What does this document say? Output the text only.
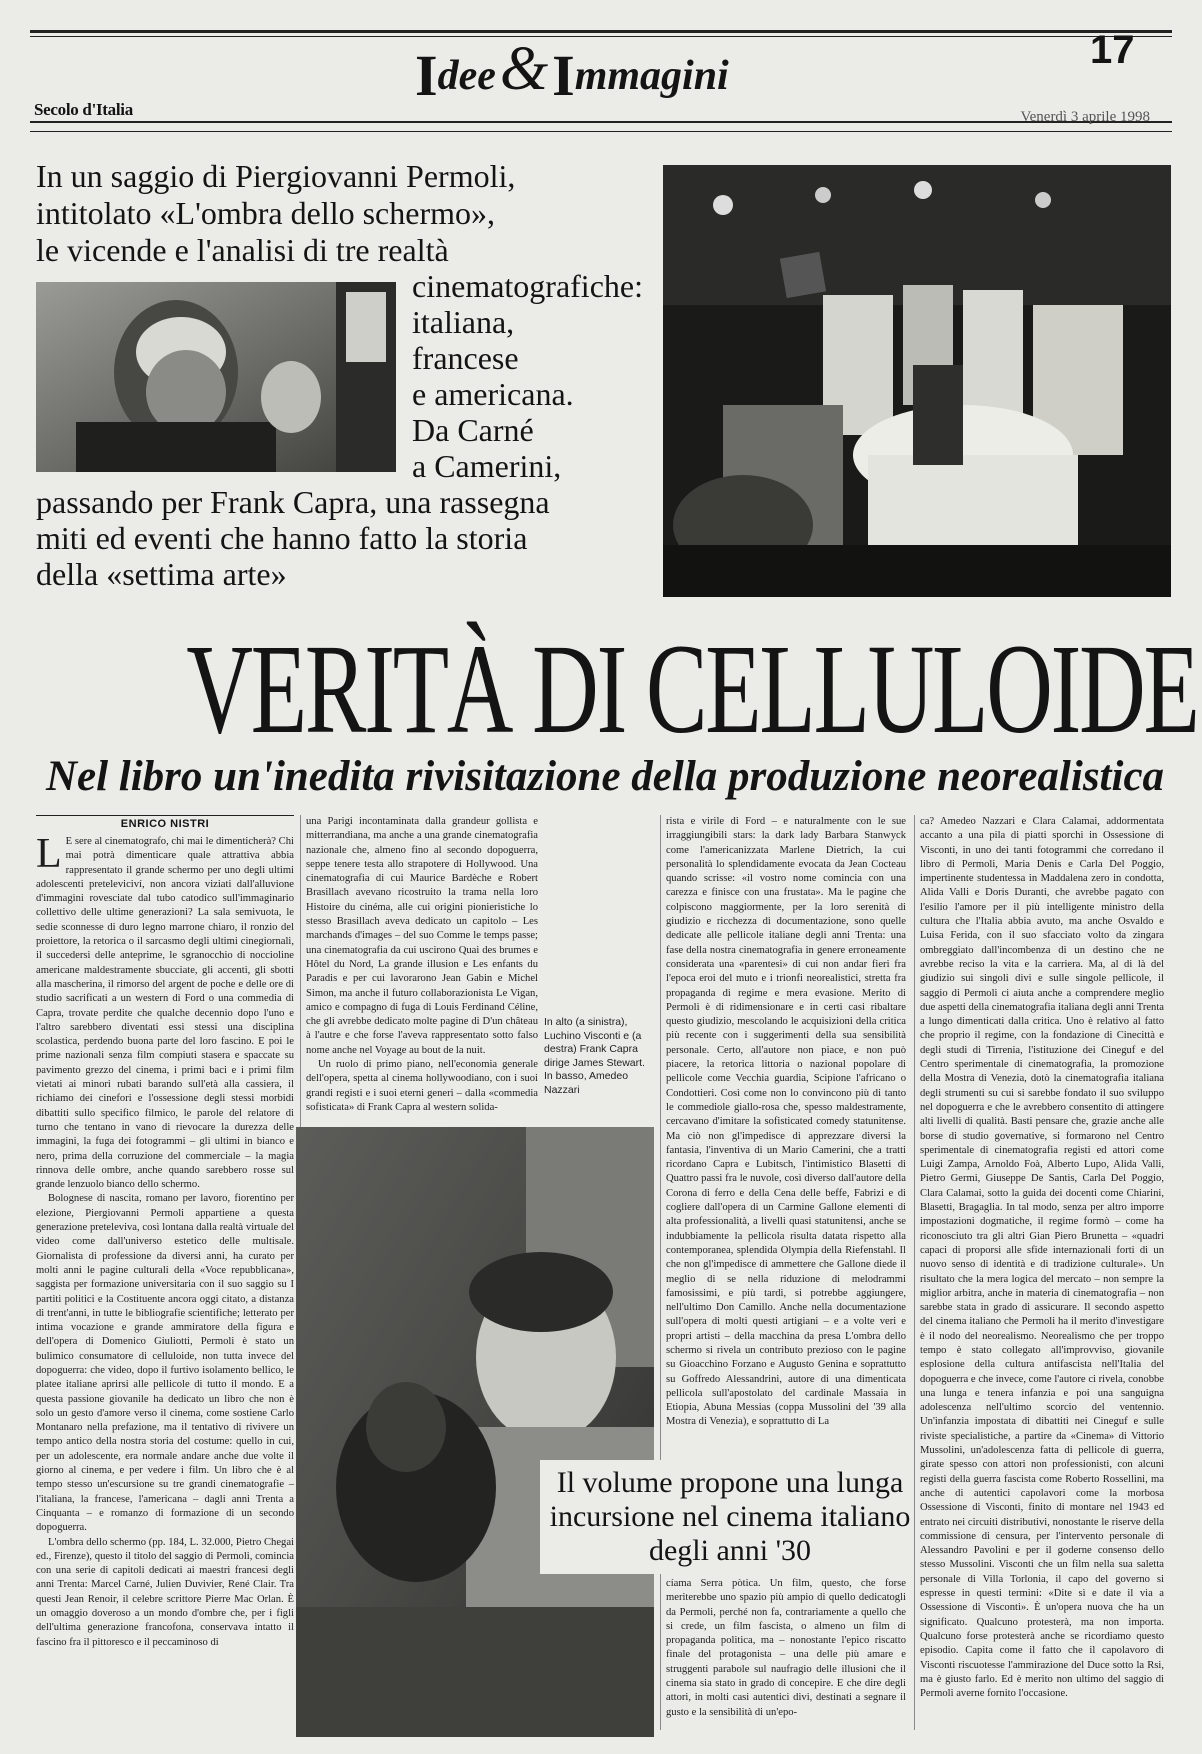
Idee & Immagini
17
Secolo d'Italia	Venerdì 3 aprile 1998
In un saggio di Piergiovanni Permoli,
intitolato «L'ombra dello schermo»,
le vicende e l'analisi di tre realtà
cinematografiche:
italiana,
francese
e americana.
Da Carné
a Camerini,
passando per Frank Capra, una rassegna
miti ed eventi che hanno fatto la storia
della «settima arte»
VERITÀ DI CELLULOIDE
Nel libro un'inedita rivisitazione della produzione neorealistica
ENRICO NISTRI
L E sere al cinematografo, chi mai le dimenticherà? Chi mai potrà dimenticare quale attrattiva abbia rappresentato il grande schermo per uno degli ultimi adolescenti preteleviciví, non ancora viziati dall'alluvione d'immagini rovesciate dal tubo catodico sull'immaginario collettivo delle ultime generazioni? La sala semivuota, le sedie sconnesse di duro legno marrone chiaro, il ronzio del proiettore, la retorica o il sarcasmo degli ultimi cinegiornali, il succedersi delle anteprime, le sgranocchio di noccioline americane maldestramente sbucciate, gli accenti, gli sbotti alla mascherina, il rimorso del argent de poche e delle ore di studio sacrificati a un western di Ford o una commedia di Capra, trovate perdite che qualche decennio dopo l'uno e l'altro sarebbero diventati essi stessi una disciplina scolastica, perdendo buona parte del loro fascino. E poi le prime nazionali senza film compiuti stasera e spaccate su pavimento grezzo del cinema, i primi baci e i primi film vietati ai minori rubati barando sull'età alla cassiera, il richiamo dei cinefori e l'ossessione degli stessi morbidi dibattiti sullo specifico filmico, le parole del relatore di turno che tentano in vano di rievocare la durezza delle immagini, la fuga dei fotogrammi – gli ultimi in bianco e nero, prima della corruzione del commerciale – la magia rinnova delle ombre, anche quando sarebbero rosse sul grande lenzuolo bianco dello schermo.

Bolognese di nascita, romano per lavoro, fiorentino per elezione, Piergiovanni Permoli appartiene a questa generazione preteleviva, così lontana dalla realtà virtuale del video come dall'universo estetico delle multisale. Giornalista di professione da diversi anni, ha curato per molti anni le pagine culturali della «Voce repubblicana», saggista per formazione universitaria con il suo saggio su I partiti politici e la Costituente ancora oggi citato, a distanza di trent'anni, in tutte le bibliografie scientifiche; letterato per intima vocazione e grande ammiratore della figura e dell'opera di Domenico Giuliotti, Permoli è stato un bulimico consumatore di celluloide, non tutta invece del dopoguerra: che video, dopo il furtivo isolamento bellico, le platee italiane aprirsi alle pellicole di tutto il mondo. E a questa passione giovanile ha dedicato un libro che non è solo un gesto d'amore verso il cinema, come sostiene Carlo Montanaro nella prefazione, ma il tentativo di rivivere un tempo antico della nostra storia del costume: quello in cui, per un adolescente, era normale andare anche due volte il giorno al cinema, e per vedere i film. Un libro che è al tempo stesso un'escursione su tre grandi cinematografie – l'italiana, la francese, l'americana – dagli anni Trenta a Cinquanta – e romanzo di formazione di un secondo dopoguerra.

L'ombra dello schermo (pp. 184, L. 32.000, Pietro Chegai ed., Firenze), questo il titolo del saggio di Permoli, comincia con una serie di capitoli dedicati ai maestri francesi degli anni Trenta: Marcel Carné, Julien Duvivier, René Clair. Tra questi Jean Renoir, il celebre scrittore Pierre Mac Orlan. È un omaggio doveroso a un mondo d'ombre che, per i figli dell'ultima generazione francofona, conservava intatto il fascino fra il pittoresco e il peccaminoso di

una Parigi incontaminata dalla grandeur gollista e mitterrandiana, ma anche a una grande cinematografia nazionale che, almeno fino al secondo dopoguerra, seppe tenere testa allo strapotere di Hollywood. Una cinematografia di cui Maurice Bardèche e Robert Brasillach avevano ricostruito la trama nella loro Histoire du cinéma, alle cui origini pionieristiche lo stesso Brasillach aveva dedicato un capitolo – Les marchands d'images – del suo Comme le temps passe; una cinematografia da cui uscirono Quai des brumes e Hôtel du Nord, La grande illusion e Les enfants du Paradis e per cui lavorarono Jean Gabin e Michel Simon, ma anche il futuro collaborazionista Le Vigan, amico e compagno di fuga di Louis Ferdinand Céline, che gli avrebbe dedicato molte pagine di D'un château à l'autre e che forse l'aveva rappresentato sotto falso nome anche nel Voyage au bout de la nuit.

Un ruolo di primo piano, nell'economia generale dell'opera, spetta al cinema hollywoodiano, con i suoi grandi registi e i suoi eterni generi – dalla «commedia sofisticata» di Frank Capra al western solida-

In alto (a sinistra), Luchino Visconti e (a destra) Frank Capra dirige James Stewart. In basso, Amedeo Nazzari

rista e virile di Ford – e naturalmente con le sue irraggiungibili stars: la dark lady Barbara Stanwyck come l'americanizzata Marlene Dietrich, la cui personalità lo splendidamente evocata da Jean Cocteau quando scrisse: «il vostro nome comincia con una carezza e finisce con una frustata». Ma le pagine che colpiscono maggiormente, per la loro serenità di giudizio e ricchezza di documentazione, sono quelle dedicate alle pellicole italiane degli anni Trenta: una fase della nostra cinematografia in genere erroneamente considerata una «parentesi» di cui non andar fieri fra l'epoca eroi del muto e i trionfi neorealistici, stretta fra propaganda di regime e mera evasione. Merito di Permoli è di ridimensionare e in certi casi ribaltare questo giudizio, mescolando le acquisizioni della critica più recente con i suggerimenti della sua sensibilità personale. Certo, all'autore non piace, e non può piacere, la retorica littoria o nazional popolare di pellicole come Vecchia guardia, Scipione l'africano o Condottieri. Così come non lo convincono più di tanto le commediole giallo-rosa che, spesso maldestramente, cercavano d'imitare la sofisticated comedy statunitense. Ma ciò non gl'impedisce di apprezzare diversi la fantasia, l'inventiva di un Mario Camerini, che a tratti ricordano Capra e Lubitsch, l'intimistico Blasetti di Quattro passi fra le nuvole, così diverso dall'autore della Corona di ferro e della Cena delle beffe, Fabrizi e di cogliere dall'opera di un Carmine Gallone elementi di alta professionalità, a livelli quasi statunitensi, anche se indubbiamente la pellicola risulta datata rispetto alla contemporanea, splendida Olympia della Riefenstahl. Il che non gl'impedisce di ammettere che Gallone diede il meglio di se nella riduzione di melodrammi famosissimi, e più tardi, si potrebbe aggiungere, nell'ultimo Don Camillo. Anche nella documentazione sull'opera di molti questi artigiani – e a volte veri e propri artisti – della macchina da presa L'ombra dello schermo si rivela un contributo prezioso con le pagine su Gioacchino Forzano e Augusto Genina e soprattutto su Goffredo Alessandrini, autore di una dimenticata pellicola sull'apostolato del cardinale Massaia in Etiopia, Abuna Messias (coppa Mussolini del '39 alla Mostra di Venezia), e soprattutto di La

Il volume propone una lunga incursione nel cinema italiano degli anni '30

cíama Serra pòtica. Un film, questo, che forse meriterebbe uno spazio più ampio di quello dedicatogli da Permoli, perché non fa, contrariamente a quello che si crede, un film fascista, o almeno un film di propaganda politica, ma – nonostante l'epico riscatto finale del protagonista – una delle più amare e struggenti parabole sul naufragio delle illusioni che il cinema sia stato in grado di concepire. E che dire degli attori, in molti casi autentici divi, destinati a segnare il gusto e la sensibilità di un'epo-

ca? Amedeo Nazzari e Clara Calamai, addormentata accanto a una pila di piatti sporchi in Ossessione di Visconti, in uno dei tanti fotogrammi che corredano il libro di Permoli, Maria Denis e Carla Del Poggio, impertinente studentessa in Maddalena zero in condotta, Alida Valli e Doris Duranti, che avrebbe pagato con l'esilio l'amore per il più intelligente ministro della cultura che l'Italia abbia avuto, ma anche Osvaldo e Luisa Ferida, con il suo sfacciato volto da zingara ombreggiato dall'incombenza di un destino che ne avrebbe reciso la vita e la carriera. Ma, al di là del giudizio sui singoli divi e sulle singole pellicole, il saggio di Permoli ci aiuta anche a comprendere meglio due aspetti della cinematografia italiana degli anni Trenta a lungo dimenticati dalla critica. Uno è relativo al fatto che proprio il regime, con la fondazione di Cinecittà e degli studi di Tirrenia, l'istituzione dei Cineguf e del Centro sperimentale di cinematografia, la promozione della Mostra di Venezia, dotò la cinematografia italiana degli strumenti su cui si sarebbe fondato il suo sviluppo nel dopoguerra e che le avrebbero consentito di attingere alti livelli di qualità. Basti pensare che, grazie anche alle borse di studio governative, si formarono nel Centro sperimentale di cinematografia registi ed attori come Luigi Zampa, Arnoldo Foà, Alberto Lupo, Alida Valli, Pietro Germi, Giuseppe De Santis, Carla Del Poggio, Clara Calamai, sotto la guida dei docenti come Chiarini, Blasetti, Bragaglia. In tal modo, senza per altro imporre impostazioni dogmatiche, il regime formò – come ha riconosciuto tra gli altri Gian Piero Brunetta – «quadri capaci di proporsi alle sfide internazionali forti di un nuovo senso di identità e di tradizione culturale». Un risultato che la mera logica del mercato – non sempre la miglior arbitra, anche in materia di cinematografia – non sarebbe stata in grado di assicurare. Il secondo aspetto del cinema italiano che Permoli ha il merito d'investigare è il nodo del neorealismo. Neorealismo che per troppo tempo è stato collegato all'improvviso, giovanile esplosione della cultura antifascista nell'Italia del dopoguerra e che invece, come l'autore ci rivela, conobbe una lunga e tenera infanzia e poi una sanguigna adolescenza nell'ultimo scorcio del ventennio. Un'infanzia impostata di dibattiti nei Cineguf e sulle riviste specialistiche, a partire da «Cinema» di Vittorio Mussolini, un'adolescenza fatta di pellicole di guerra, girate spesso con attori non professionisti, con alcuni registi della guerra fascista come Roberto Rossellini, ma anche di autentici capolavori come la morbosa Ossessione di Visconti, finito di montare nel 1943 ed entrato nei circuiti distributivi, nonostante le riserve della commissione di censura, per l'intervento personale di Alessandro Pavolini e per il goderne consenso dello stesso Mussolini. Visconti che un film nella sua saletta personale di Villa Torlonia, il capo del governo si espresse in questi termini: «Dite sì e date il via a Ossessione di Visconti». È un'opera nuova che ha un significato. Qualcuno protesterà, ma non importa. Qualcuno forse protesterà anche se ricordiamo questo episodio. Capita come il fatto che il capolavoro di Visconti riscuotesse l'ammirazione del Duce sotto la Rsi, ma è giusto farlo. Ed è merito non ultimo del saggio di Permoli averne fornito l'occasione.
